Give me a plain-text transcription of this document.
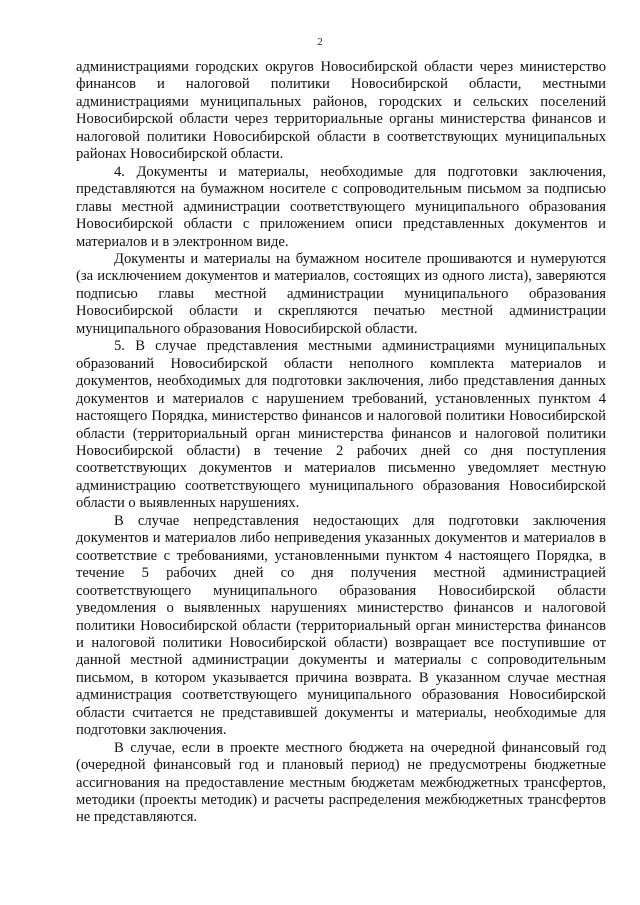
2

администрациями городских округов Новосибирской области через министерство финансов и налоговой политики Новосибирской области, местными администрациями муниципальных районов, городских и сельских поселений Новосибирской области через территориальные органы министерства финансов и налоговой политики Новосибирской области в соответствующих муниципальных районах Новосибирской области.

4. Документы и материалы, необходимые для подготовки заключения, представляются на бумажном носителе с сопроводительным письмом за подписью главы местной администрации соответствующего муниципального образования Новосибирской области с приложением описи представленных документов и материалов и в электронном виде.

Документы и материалы на бумажном носителе прошиваются и нумеруются (за исключением документов и материалов, состоящих из одного листа), заверяются подписью главы местной администрации муниципального образования Новосибирской области и скрепляются печатью местной администрации муниципального образования Новосибирской области.

5. В случае представления местными администрациями муниципальных образований Новосибирской области неполного комплекта материалов и документов, необходимых для подготовки заключения, либо представления данных документов и материалов с нарушением требований, установленных пунктом 4 настоящего Порядка, министерство финансов и налоговой политики Новосибирской области (территориальный орган министерства финансов и налоговой политики Новосибирской области) в течение 2 рабочих дней со дня поступления соответствующих документов и материалов письменно уведомляет местную администрацию соответствующего муниципального образования Новосибирской области о выявленных нарушениях.

В случае непредставления недостающих для подготовки заключения документов и материалов либо неприведения указанных документов и материалов в соответствие с требованиями, установленными пунктом 4 настоящего Порядка, в течение 5 рабочих дней со дня получения местной администрацией соответствующего муниципального образования Новосибирской области уведомления о выявленных нарушениях министерство финансов и налоговой политики Новосибирской области (территориальный орган министерства финансов и налоговой политики Новосибирской области) возвращает все поступившие от данной местной администрации документы и материалы с сопроводительным письмом, в котором указывается причина возврата. В указанном случае местная администрация соответствующего муниципального образования Новосибирской области считается не представившей документы и материалы, необходимые для подготовки заключения.

В случае, если в проекте местного бюджета на очередной финансовый год (очередной финансовый год и плановый период) не предусмотрены бюджетные ассигнования на предоставление местным бюджетам межбюджетных трансфертов, методики (проекты методик) и расчеты распределения межбюджетных трансфертов не представляются.
